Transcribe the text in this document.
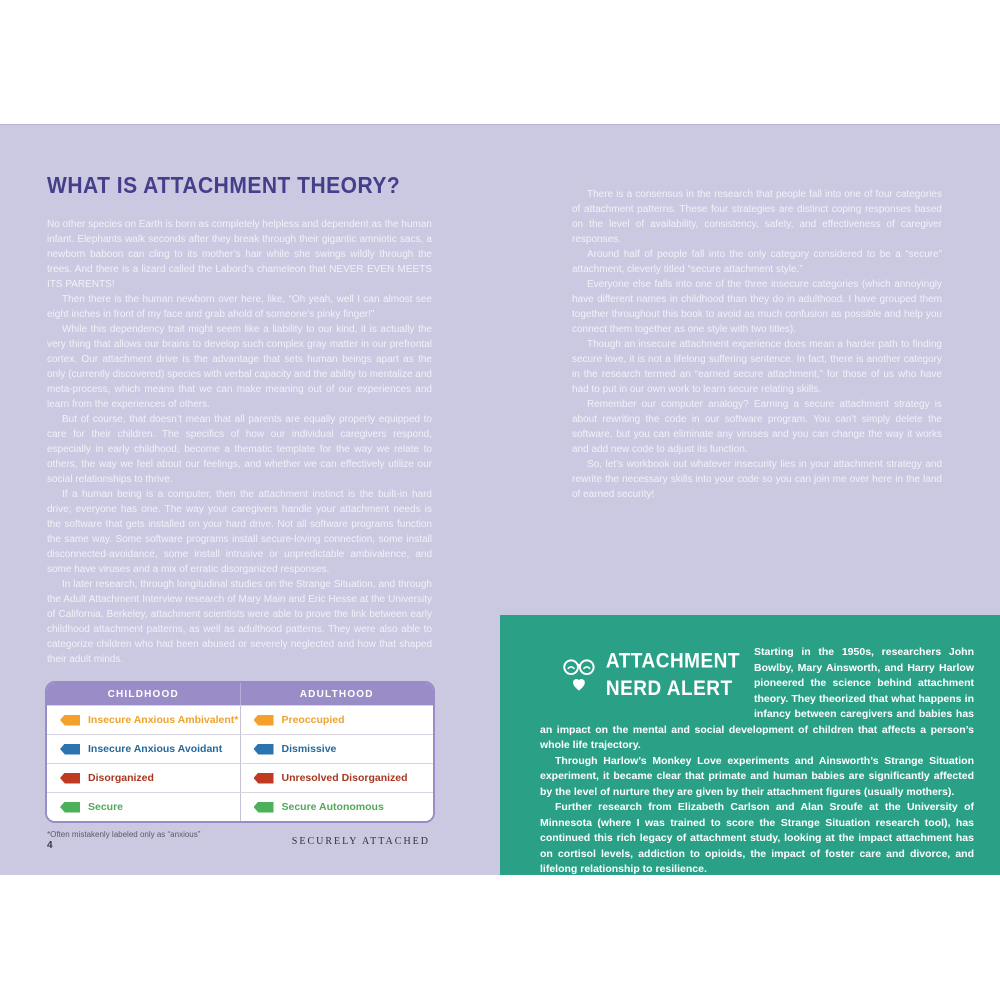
WHAT IS ATTACHMENT THEORY?

No other species on Earth is born as completely helpless and dependent as the human infant. Elephants walk seconds after they break through their gigantic amniotic sacs, a newborn baboon can cling to its mother’s hair while she swings wildly through the trees. And there is a lizard called the Labord’s chameleon that NEVER EVEN MEETS ITS PARENTS!

Then there is the human newborn over here, like, “Oh yeah, well I can almost see eight inches in front of my face and grab ahold of someone’s pinky finger!”

While this dependency trait might seem like a liability to our kind, it is actually the very thing that allows our brains to develop such complex gray matter in our prefrontal cortex. Our attachment drive is the advantage that sets human beings apart as the only (currently discovered) species with verbal capacity and the ability to mentalize and meta-process, which means that we can make meaning out of our experiences and learn from the experiences of others.

But of course, that doesn’t mean that all parents are equally properly equipped to care for their children. The specifics of how our individual caregivers respond, especially in early childhood, become a thematic template for the way we relate to others, the way we feel about our feelings, and whether we can effectively utilize our social relationships to thrive.

If a human being is a computer, then the attachment instinct is the built-in hard drive; everyone has one. The way your caregivers handle your attachment needs is the software that gets installed on your hard drive. Not all software programs function the same way. Some software programs install secure-loving connection, some install disconnected-avoidance, some install intrusive or unpredictable ambivalence, and some have viruses and a mix of erratic disorganized responses.

In later research, through longitudinal studies on the Strange Situation, and through the Adult Attachment Interview research of Mary Main and Eric Hesse at the University of California, Berkeley, attachment scientists were able to prove the link between early childhood attachment patterns, as well as adulthood patterns. They were also able to categorize children who had been abused or severely neglected and how that shaped their adult minds.

CHILDHOOD	ADULTHOOD
Insecure Anxious Ambivalent*	Preoccupied
Insecure Anxious Avoidant	Dismissive
Disorganized	Unresolved Disorganized
Secure	Secure Autonomous
*Often mistakenly labeled only as “anxious”
4	SECURELY ATTACHED

There is a consensus in the research that people fall into one of four categories of attachment patterns. These four strategies are distinct coping responses based on the level of availability, consistency, safety, and effectiveness of caregiver responses.

Around half of people fall into the only category considered to be a “secure” attachment, cleverly titled “secure attachment style.”

Everyone else falls into one of the three insecure categories (which annoyingly have different names in childhood than they do in adulthood. I have grouped them together throughout this book to avoid as much confusion as possible and help you connect them together as one style with two titles).

Though an insecure attachment experience does mean a harder path to finding secure love, it is not a lifelong suffering sentence. In fact, there is another category in the research termed an “earned secure attachment,” for those of us who have had to put in our own work to learn secure relating skills.

Remember our computer analogy? Earning a secure attachment strategy is about rewriting the code in our software program. You can’t simply delete the software, but you can eliminate any viruses and you can change the way it works and add new code to adjust its function.

So, let’s workbook out whatever insecurity lies in your attachment strategy and rewrite the necessary skills into your code so you can join me over here in the land of earned security!

ATTACHMENT
NERD ALERT

Starting in the 1950s, researchers John Bowlby, Mary Ainsworth, and Harry Harlow pioneered the science behind attachment theory. They theorized that what happens in infancy between caregivers and babies has an impact on the mental and social development of children that affects a person’s whole life trajectory.

Through Harlow’s Monkey Love experiments and Ainsworth’s Strange Situation experiment, it became clear that primate and human babies are significantly affected by the level of nurture they are given by their attachment figures (usually mothers).

Further research from Elizabeth Carlson and Alan Sroufe at the University of Minnesota (where I was trained to score the Strange Situation research tool), has continued this rich legacy of attachment study, looking at the impact attachment has on cortisol levels, addiction to opioids, the impact of foster care and divorce, and lifelong relationship to resilience.
